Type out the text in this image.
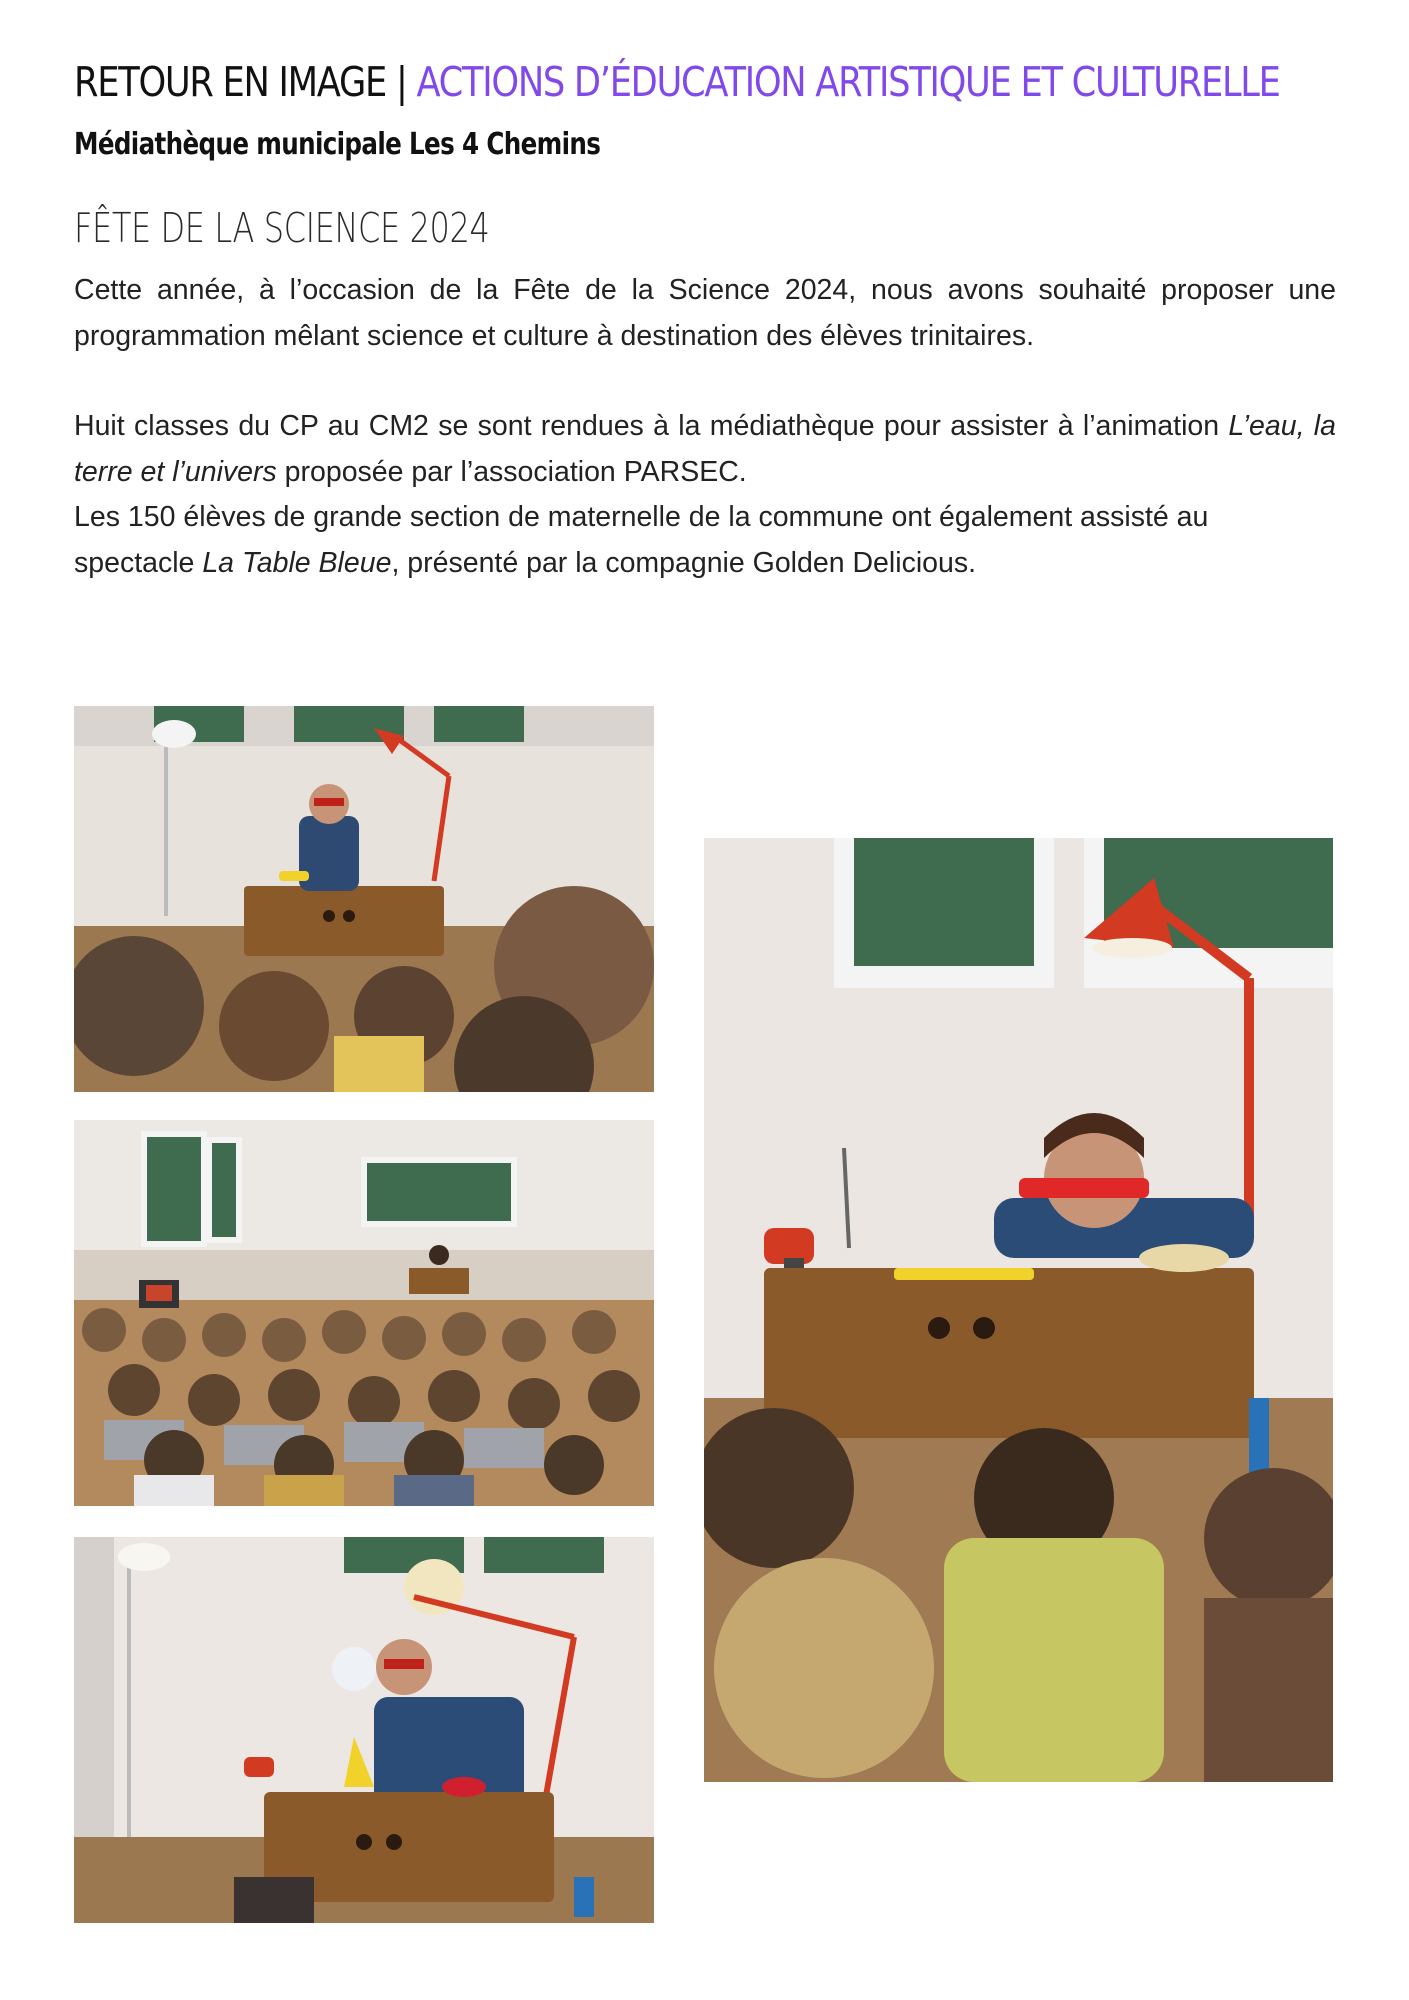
RETOUR EN IMAGE | ACTIONS D’ÉDUCATION ARTISTIQUE ET CULTURELLE
Médiathèque municipale Les 4 Chemins
FÊTE DE LA SCIENCE 2024

Cette année, à l’occasion de la Fête de la Science 2024, nous avons souhaité proposer une programmation mêlant science et culture à destination des élèves trinitaires.

Huit classes du CP au CM2 se sont rendues à la médiathèque pour assister à l’animation L’eau, la terre et l’univers proposée par l’association PARSEC.

Les 150 élèves de grande section de maternelle de la commune ont également assisté au spectacle La Table Bleue, présenté par la compagnie Golden Delicious.
